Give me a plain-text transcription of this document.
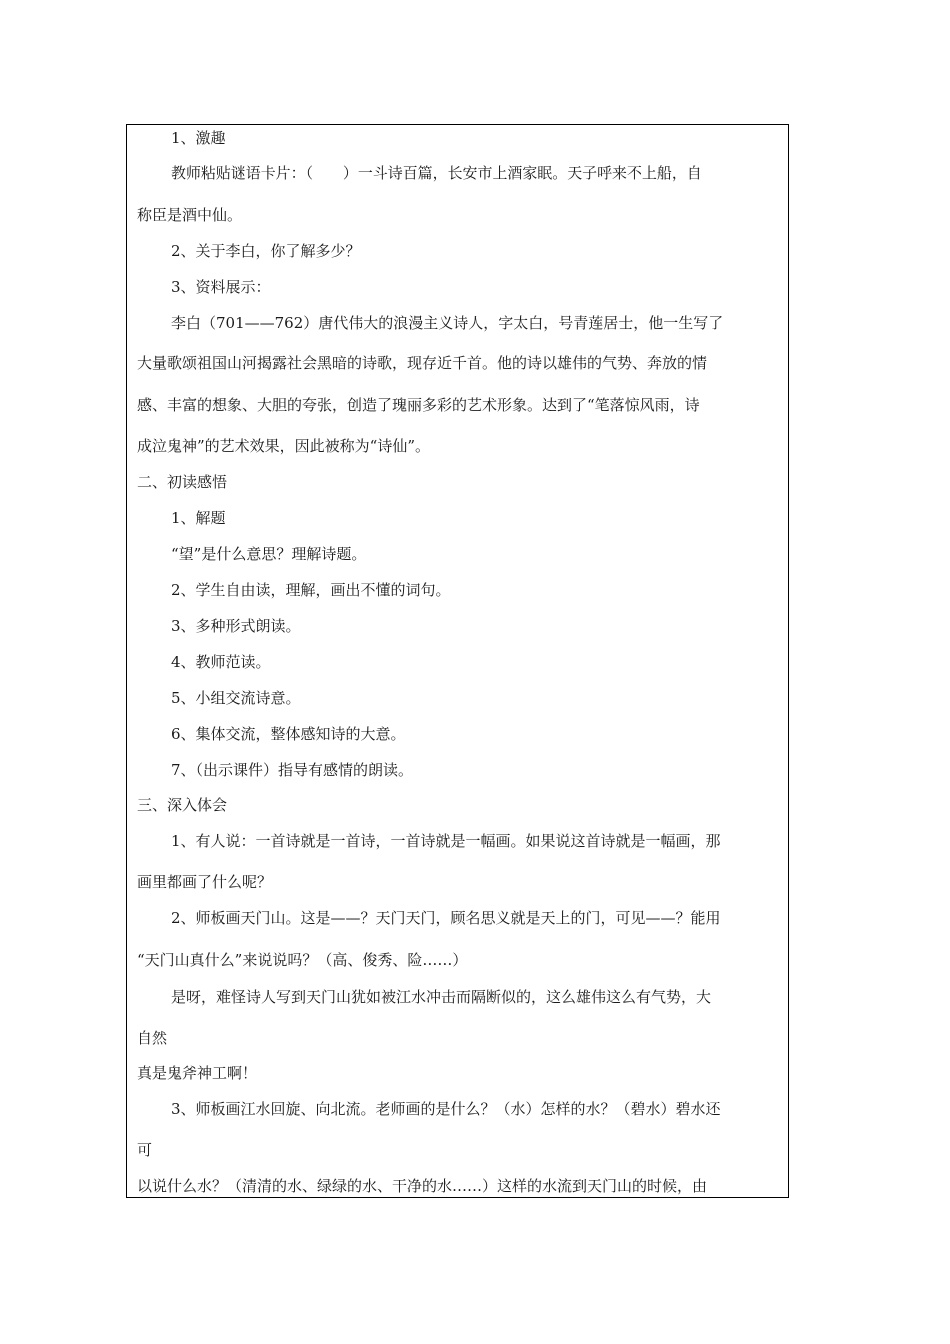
1、激趣
教师粘贴谜语卡片：（　　）一斗诗百篇，长安市上酒家眠。天子呼来不上船，自
称臣是酒中仙。
2、关于李白，你了解多少？
3、资料展示：
李白（701——762）唐代伟大的浪漫主义诗人，字太白，号青莲居士，他一生写了
大量歌颂祖国山河揭露社会黑暗的诗歌，现存近千首。他的诗以雄伟的气势、奔放的情
感、丰富的想象、大胆的夸张，创造了瑰丽多彩的艺术形象。达到了“笔落惊风雨，诗
成泣鬼神”的艺术效果，因此被称为“诗仙”。
二、初读感悟
1、解题
“望”是什么意思？理解诗题。
2、学生自由读，理解，画出不懂的词句。
3、多种形式朗读。
4、教师范读。
5、小组交流诗意。
6、集体交流，整体感知诗的大意。
7、（出示课件）指导有感情的朗读。
三、深入体会
1、有人说：一首诗就是一首诗，一首诗就是一幅画。如果说这首诗就是一幅画，那
画里都画了什么呢？
2、师板画天门山。这是——？天门天门，顾名思义就是天上的门，可见——？能用
“天门山真什么”来说说吗？（高、俊秀、险……）
是呀，难怪诗人写到天门山犹如被江水冲击而隔断似的，这么雄伟这么有气势，大
自然
真是鬼斧神工啊！
3、师板画江水回旋、向北流。老师画的是什么？（水）怎样的水？（碧水）碧水还
可
以说什么水？（清清的水、绿绿的水、干净的水……）这样的水流到天门山的时候，由
